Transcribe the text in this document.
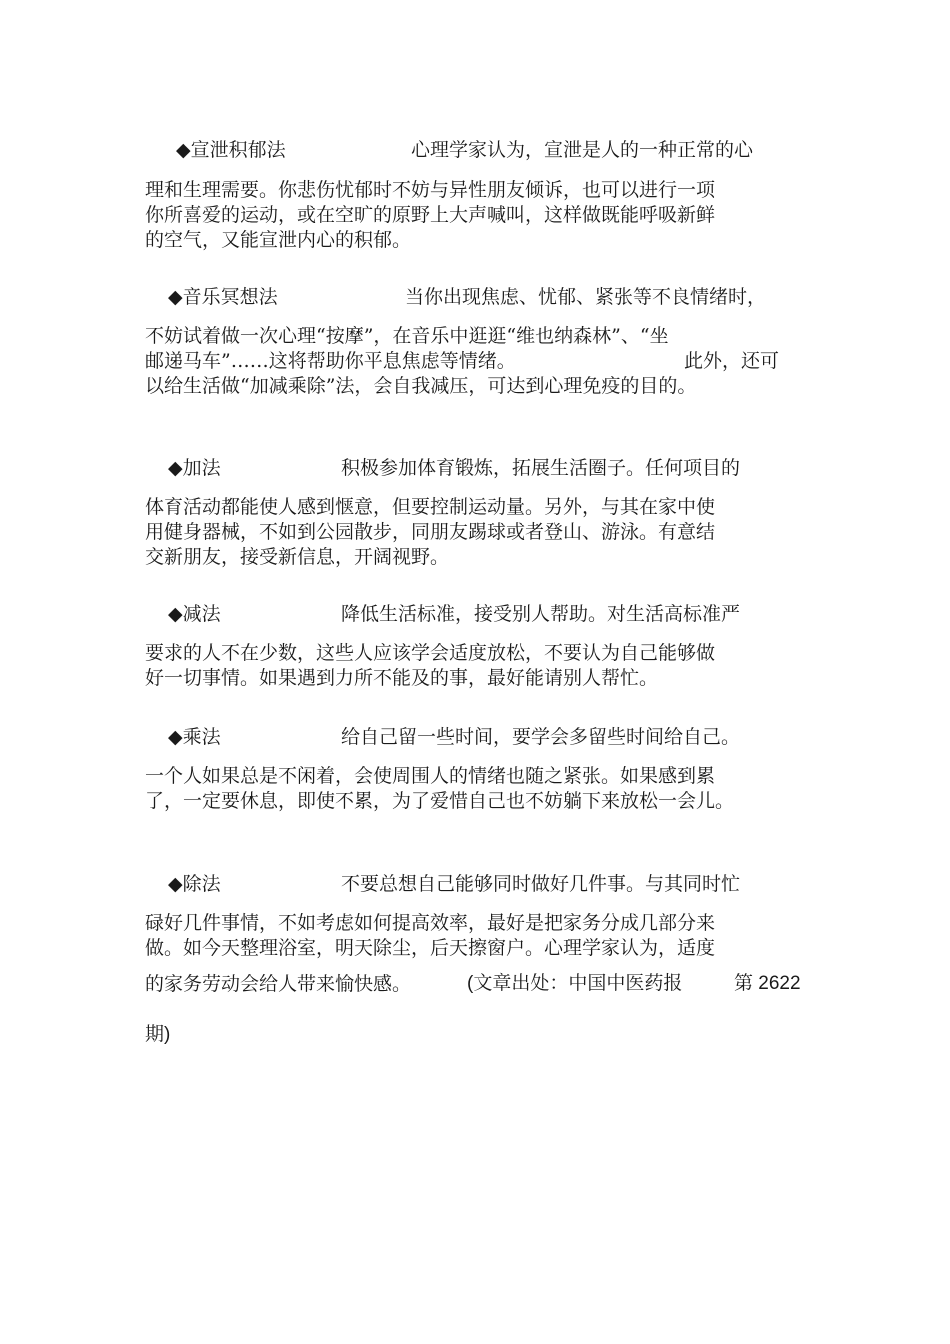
◆宣泄积郁法	心理学家认为，宣泄是人的一种正常的心
理和生理需要。你悲伤忧郁时不妨与异性朋友倾诉，也可以进行一项
你所喜爱的运动，或在空旷的原野上大声喊叫，这样做既能呼吸新鲜
的空气，又能宣泄内心的积郁。
◆音乐冥想法	当你出现焦虑、忧郁、紧张等不良情绪时，
不妨试着做一次心理“按摩”，在音乐中逛逛“维也纳森林”、“坐
邮递马车”……这将帮助你平息焦虑等情绪。	此外，还可
以给生活做“加减乘除”法，会自我减压，可达到心理免疫的目的。
◆加法	积极参加体育锻炼，拓展生活圈子。任何项目的
体育活动都能使人感到惬意，但要控制运动量。另外，与其在家中使
用健身器械，不如到公园散步，同朋友踢球或者登山、游泳。有意结
交新朋友，接受新信息，开阔视野。
◆减法	降低生活标准，接受别人帮助。对生活高标准严
要求的人不在少数，这些人应该学会适度放松，不要认为自己能够做
好一切事情。如果遇到力所不能及的事，最好能请别人帮忙。
◆乘法	给自己留一些时间，要学会多留些时间给自己。
一个人如果总是不闲着，会使周围人的情绪也随之紧张。如果感到累
了，一定要休息，即使不累，为了爱惜自己也不妨躺下来放松一会儿。
◆除法	不要总想自己能够同时做好几件事。与其同时忙
碌好几件事情，不如考虑如何提高效率，最好是把家务分成几部分来
做。如今天整理浴室，明天除尘，后天擦窗户。心理学家认为，适度
的家务劳动会给人带来愉快感。	(文章出处：中国中医药报	第 2622
期)
